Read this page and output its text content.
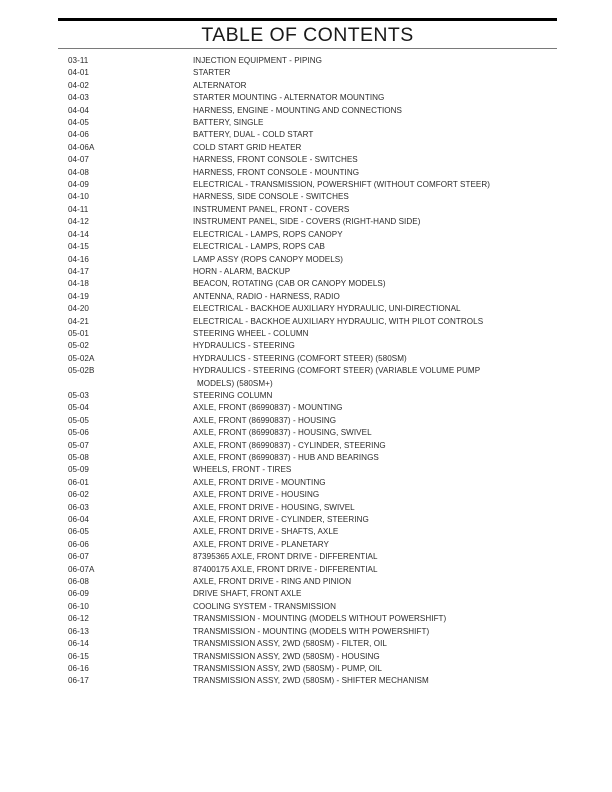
TABLE OF CONTENTS
03-11	INJECTION EQUIPMENT - PIPING
04-01	STARTER
04-02	ALTERNATOR
04-03	STARTER MOUNTING - ALTERNATOR MOUNTING
04-04	HARNESS, ENGINE - MOUNTING AND CONNECTIONS
04-05	BATTERY, SINGLE
04-06	BATTERY, DUAL - COLD START
04-06A	COLD START GRID HEATER
04-07	HARNESS, FRONT CONSOLE - SWITCHES
04-08	HARNESS, FRONT CONSOLE - MOUNTING
04-09	ELECTRICAL - TRANSMISSION, POWERSHIFT (WITHOUT COMFORT STEER)
04-10	HARNESS, SIDE CONSOLE - SWITCHES
04-11	INSTRUMENT PANEL, FRONT - COVERS
04-12	INSTRUMENT PANEL, SIDE - COVERS (RIGHT-HAND SIDE)
04-14	ELECTRICAL - LAMPS, ROPS CANOPY
04-15	ELECTRICAL - LAMPS, ROPS CAB
04-16	LAMP ASSY (ROPS CANOPY MODELS)
04-17	HORN - ALARM, BACKUP
04-18	BEACON, ROTATING (CAB OR CANOPY MODELS)
04-19	ANTENNA, RADIO - HARNESS, RADIO
04-20	ELECTRICAL - BACKHOE AUXILIARY HYDRAULIC, UNI-DIRECTIONAL
04-21	ELECTRICAL - BACKHOE AUXILIARY HYDRAULIC, WITH PILOT CONTROLS
05-01	STEERING WHEEL - COLUMN
05-02	HYDRAULICS - STEERING
05-02A	HYDRAULICS - STEERING (COMFORT STEER) (580SM)
05-02B	HYDRAULICS - STEERING (COMFORT STEER) (VARIABLE VOLUME PUMP
MODELS) (580SM+)
05-03	STEERING COLUMN
05-04	AXLE, FRONT (86990837) - MOUNTING
05-05	AXLE, FRONT (86990837) - HOUSING
05-06	AXLE, FRONT (86990837) - HOUSING, SWIVEL
05-07	AXLE, FRONT (86990837) - CYLINDER, STEERING
05-08	AXLE, FRONT (86990837) - HUB AND BEARINGS
05-09	WHEELS, FRONT - TIRES
06-01	AXLE, FRONT DRIVE - MOUNTING
06-02	AXLE, FRONT DRIVE - HOUSING
06-03	AXLE, FRONT DRIVE - HOUSING, SWIVEL
06-04	AXLE, FRONT DRIVE - CYLINDER, STEERING
06-05	AXLE, FRONT DRIVE - SHAFTS, AXLE
06-06	AXLE, FRONT DRIVE - PLANETARY
06-07	87395365 AXLE, FRONT DRIVE - DIFFERENTIAL
06-07A	87400175 AXLE, FRONT DRIVE - DIFFERENTIAL
06-08	AXLE, FRONT DRIVE - RING AND PINION
06-09	DRIVE SHAFT, FRONT AXLE
06-10	COOLING SYSTEM - TRANSMISSION
06-12	TRANSMISSION - MOUNTING (MODELS WITHOUT POWERSHIFT)
06-13	TRANSMISSION - MOUNTING (MODELS WITH POWERSHIFT)
06-14	TRANSMISSION ASSY, 2WD (580SM) - FILTER, OIL
06-15	TRANSMISSION ASSY, 2WD (580SM) - HOUSING
06-16	TRANSMISSION ASSY, 2WD (580SM) - PUMP, OIL
06-17	TRANSMISSION ASSY, 2WD (580SM) - SHIFTER MECHANISM
